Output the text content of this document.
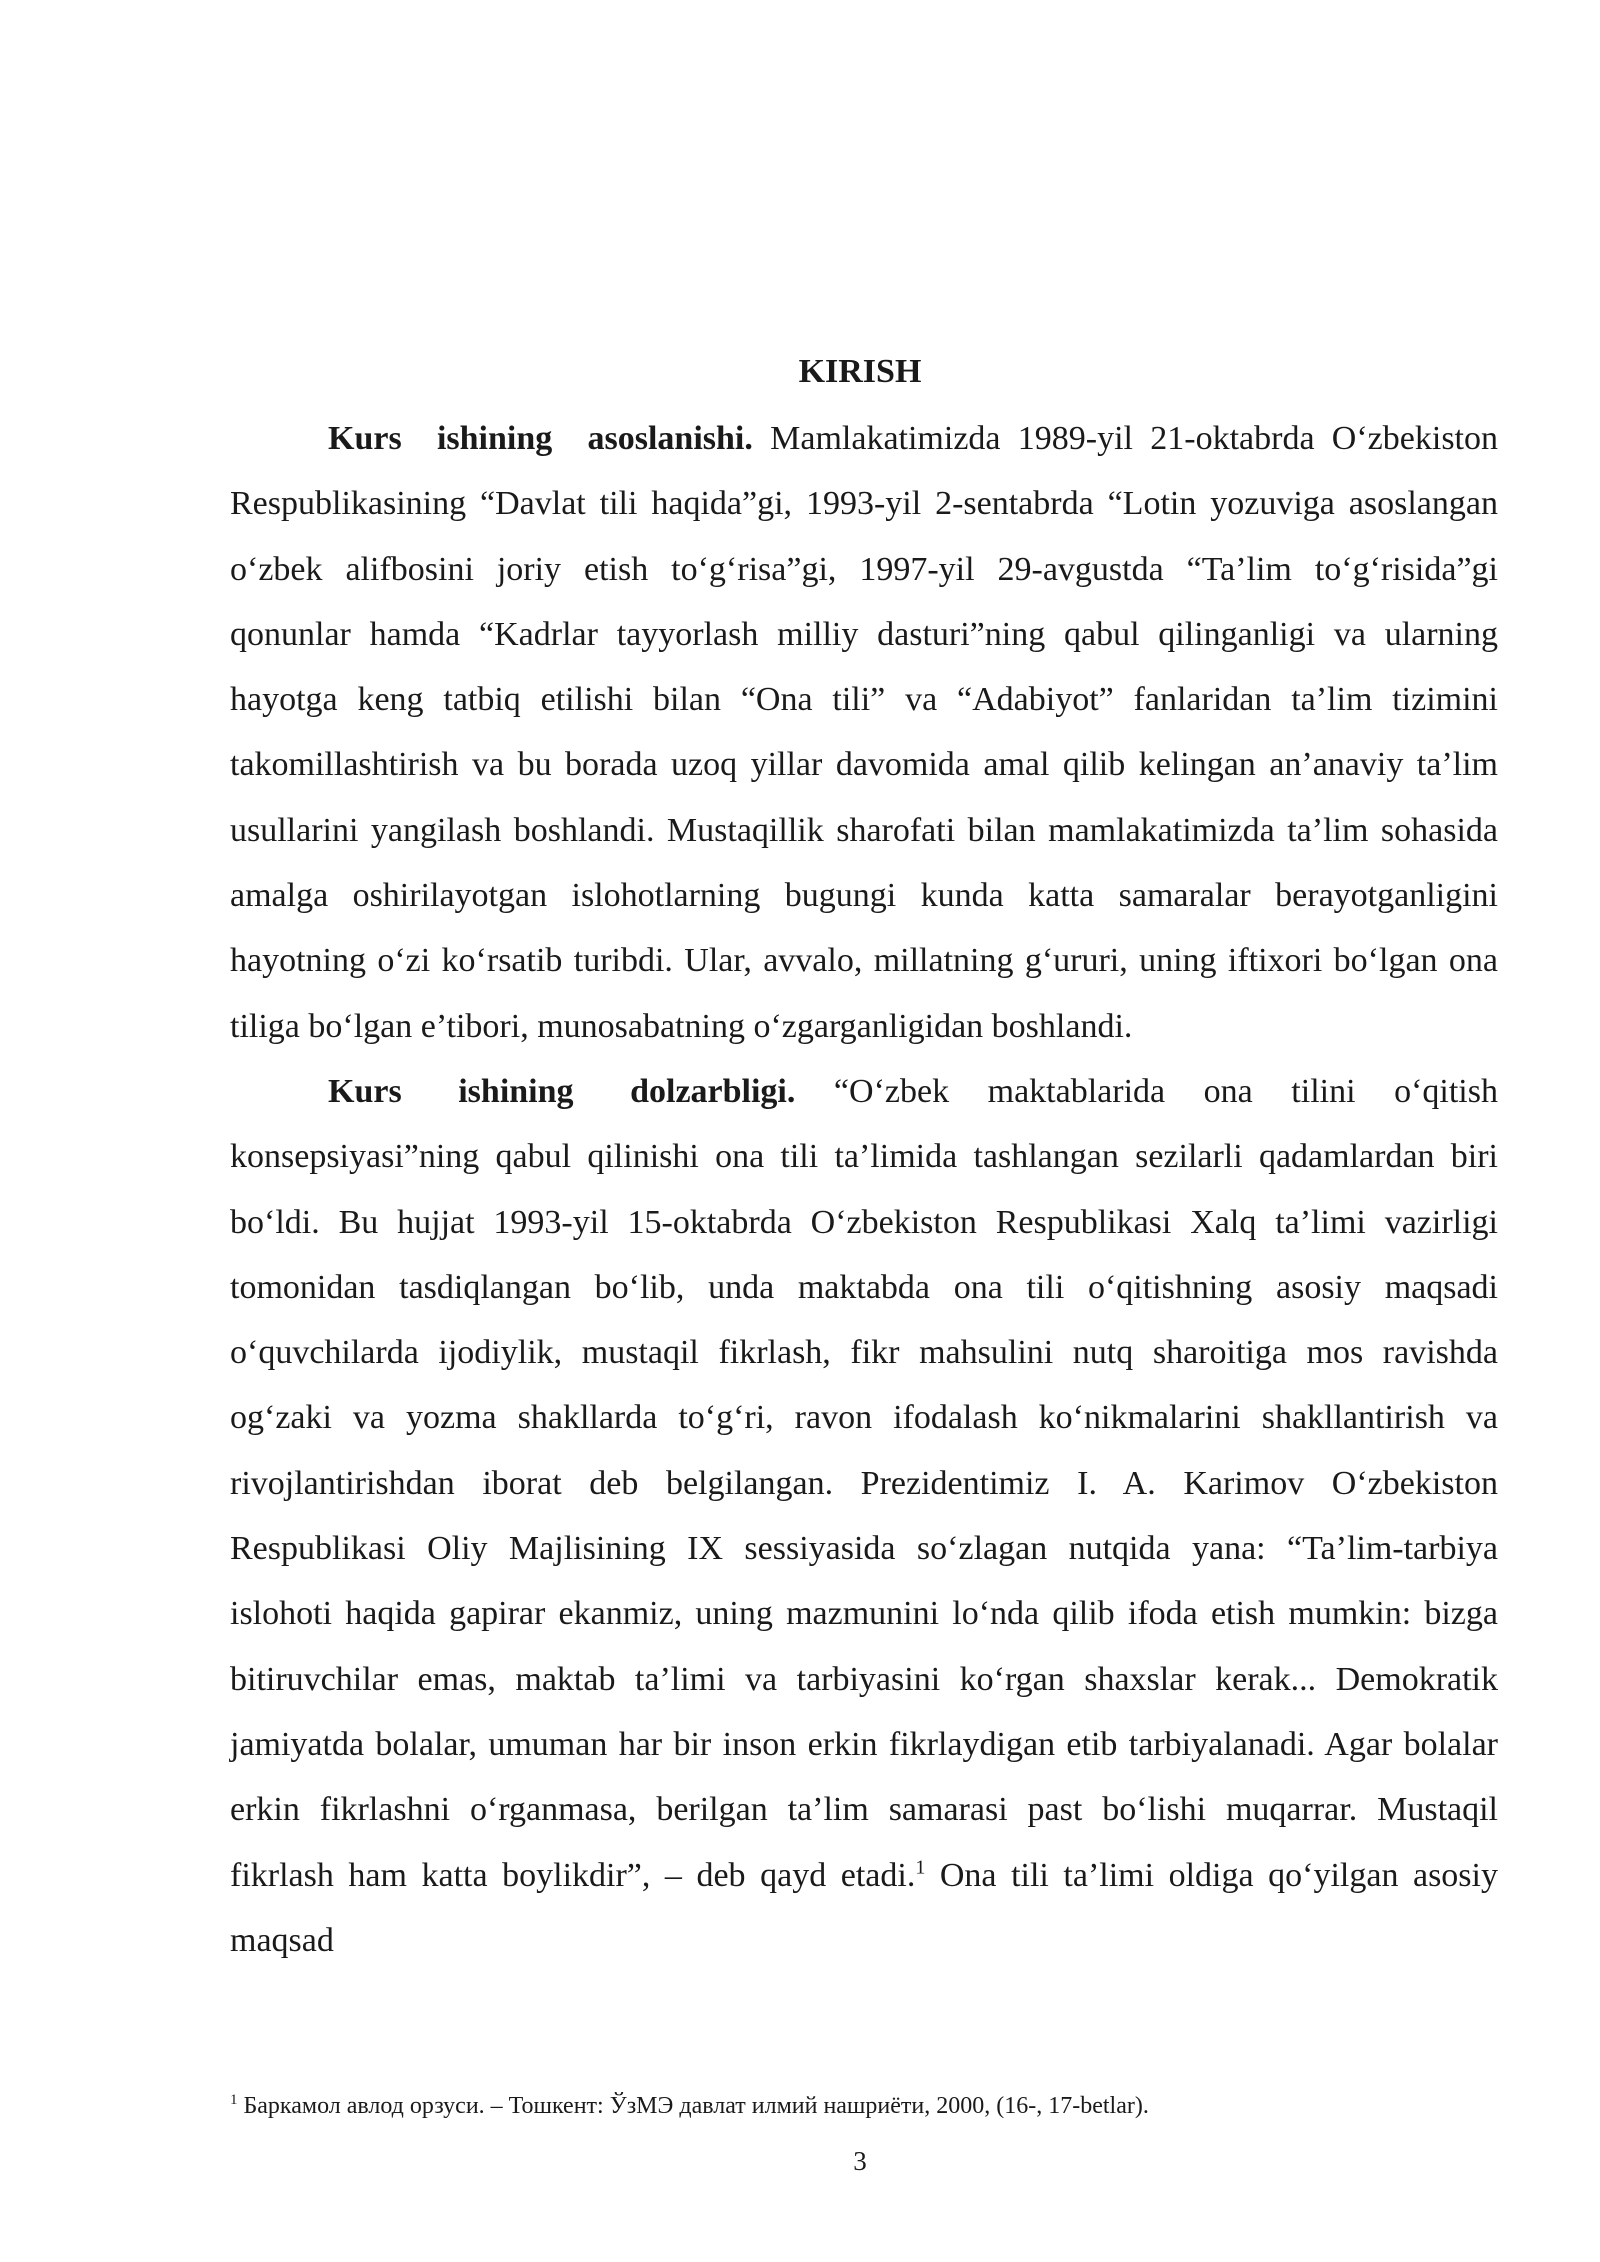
KIRISH

Kurs ishining asoslanishi. Mamlakatimizda 1989-yil 21-oktabrda O‘zbekiston Respublikasining “Davlat tili haqida”gi, 1993-yil 2-sentabrda “Lotin yozuviga asoslangan o‘zbek alifbosini joriy etish to‘g‘risa”gi, 1997-yil 29-avgustda “Ta’lim to‘g‘risida”gi qonunlar hamda “Kadrlar tayyorlash milliy dasturi”ning qabul qilinganligi va ularning hayotga keng tatbiq etilishi bilan “Ona tili” va “Adabiyot” fanlaridan ta’lim tizimini takomillashtirish va bu borada uzoq yillar davomida amal qilib kelingan an’anaviy ta’lim usullarini yangilash boshlandi. Mustaqillik sharofati bilan mamlakatimizda ta’lim sohasida amalga oshirilayotgan islohotlarning bugungi kunda katta samaralar berayotganligini hayotning o‘zi ko‘rsatib turibdi. Ular, avvalo, millatning g‘ururi, uning iftixori bo‘lgan ona tiliga bo‘lgan e’tibori, munosabatning o‘zgarganligidan boshlandi.

Kurs ishining dolzarbligi. “O‘zbek maktablarida ona tilini o‘qitish konsepsiyasi”ning qabul qilinishi ona tili ta’limida tashlangan sezilarli qadamlardan biri bo‘ldi. Bu hujjat 1993-yil 15-oktabrda O‘zbekiston Respublikasi Xalq ta’limi vazirligi tomonidan tasdiqlangan bo‘lib, unda maktabda ona tili o‘qitishning asosiy maqsadi o‘quvchilarda ijodiylik, mustaqil fikrlash, fikr mahsulini nutq sharoitiga mos ravishda og‘zaki va yozma shakllarda to‘g‘ri, ravon ifodalash ko‘nikmalarini shakllantirish va rivojlantirishdan iborat deb belgilangan. Prezidentimiz I. A. Karimov O‘zbekiston Respublikasi Oliy Majlisining IX sessiyasida so‘zlagan nutqida yana: “Ta’lim-tarbiya islohoti haqida gapirar ekanmiz, uning mazmunini lo‘nda qilib ifoda etish mumkin: bizga bitiruvchilar emas, maktab ta’limi va tarbiyasini ko‘rgan shaxslar kerak... Demokratik jamiyatda bolalar, umuman har bir inson erkin fikrlaydigan etib tarbiyalanadi. Agar bolalar erkin fikrlashni o‘rganmasa, berilgan ta’lim samarasi past bo‘lishi muqarrar. Mustaqil fikrlash ham katta boylikdir”, – deb qayd etadi.$^1$ Ona tili ta’limi oldiga qo‘yilgan asosiy maqsad

$^1$ Баркамол авлод орзуси. – Тошкент: ЎзМЭ давлат илмий нашриёти, 2000, (16-, 17-betlar).

3
